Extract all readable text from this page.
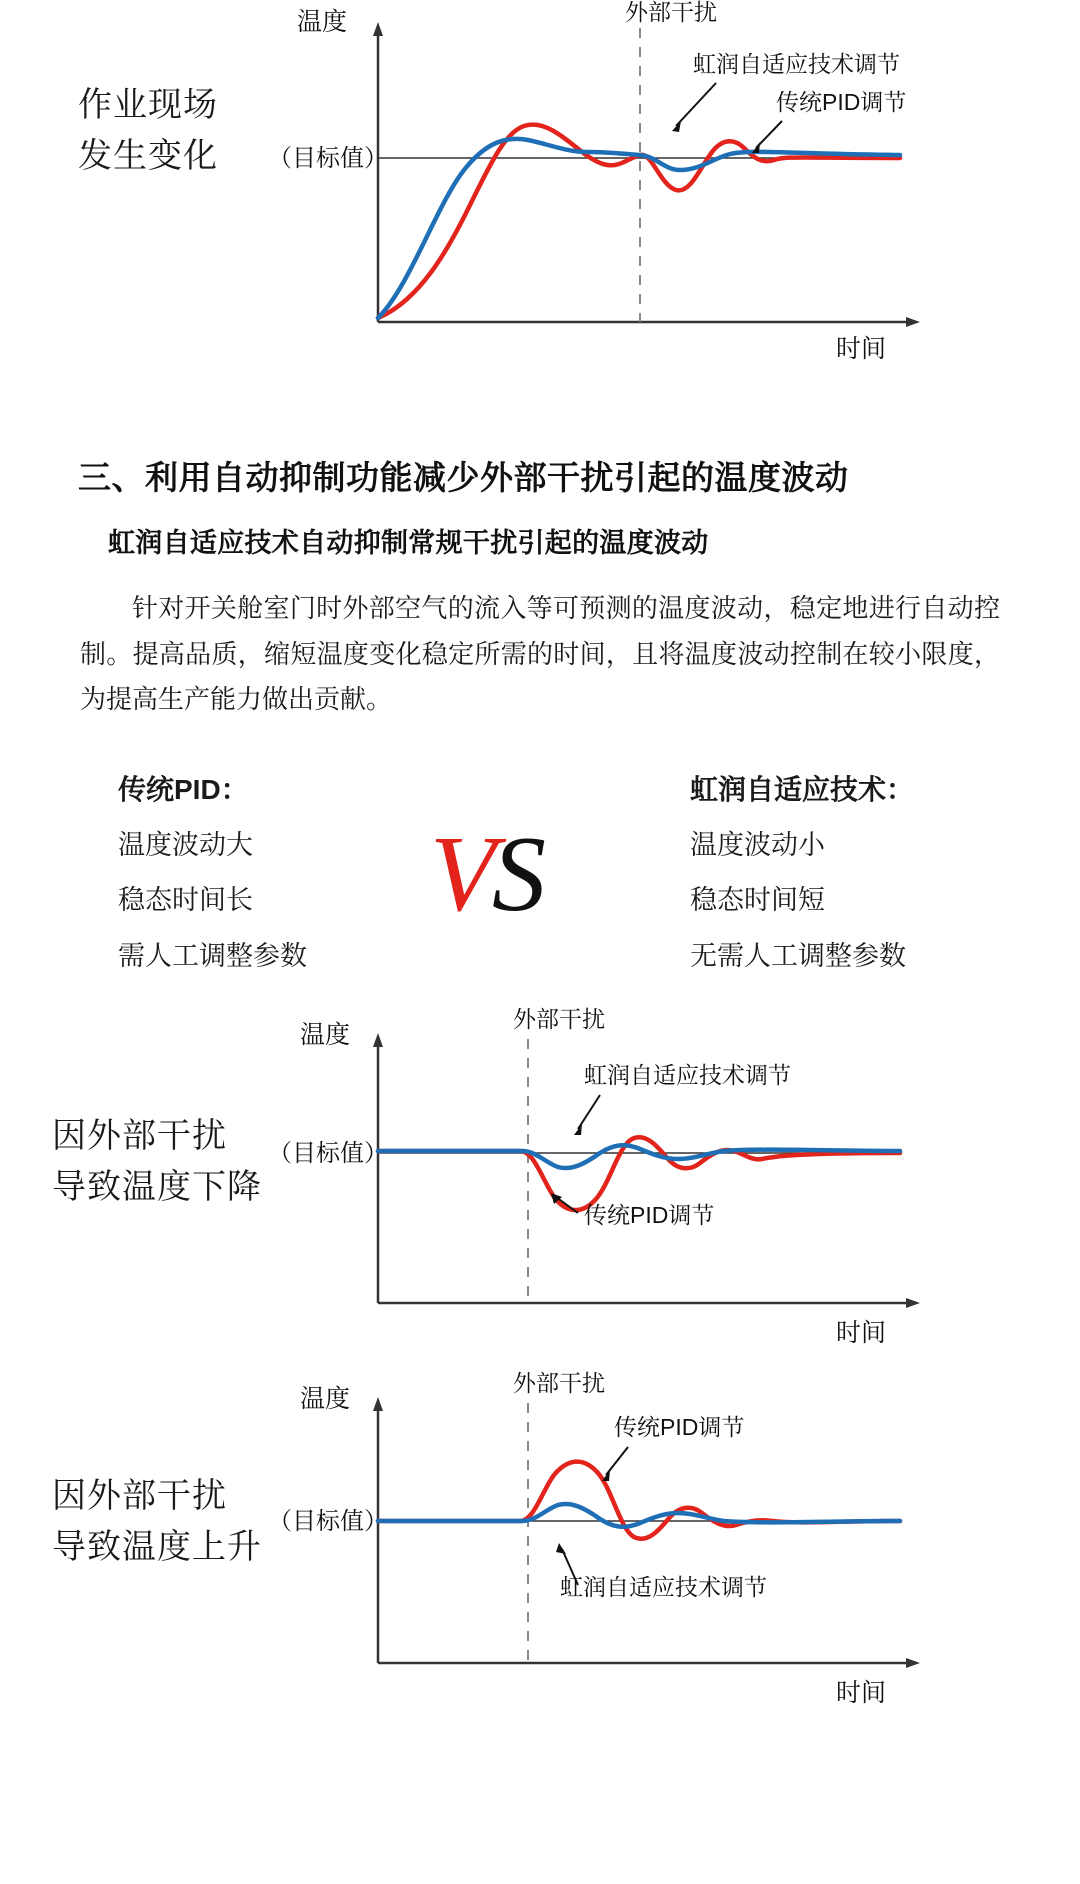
作业现场
发生变化
温度
时间
（目标值）
外部干扰
虹润自适应技术调节
传统PID调节
三、利用自动抑制功能减少外部干扰引起的温度波动
虹润自适应技术自动抑制常规干扰引起的温度波动

针对开关舱室门时外部空气的流入等可预测的温度波动，稳定地进行自动控制。提高品质，缩短温度变化稳定所需的时间，且将温度波动控制在较小限度，为提高生产能力做出贡献。

传统PID：
温度波动大
稳态时间长
需人工调整参数
VS
虹润自适应技术：
温度波动小
稳态时间短
无需人工调整参数
因外部干扰
导致温度下降
温度
时间
（目标值）
外部干扰
虹润自适应技术调节
传统PID调节
因外部干扰
导致温度上升
温度
时间
（目标值）
外部干扰
传统PID调节
虹润自适应技术调节
